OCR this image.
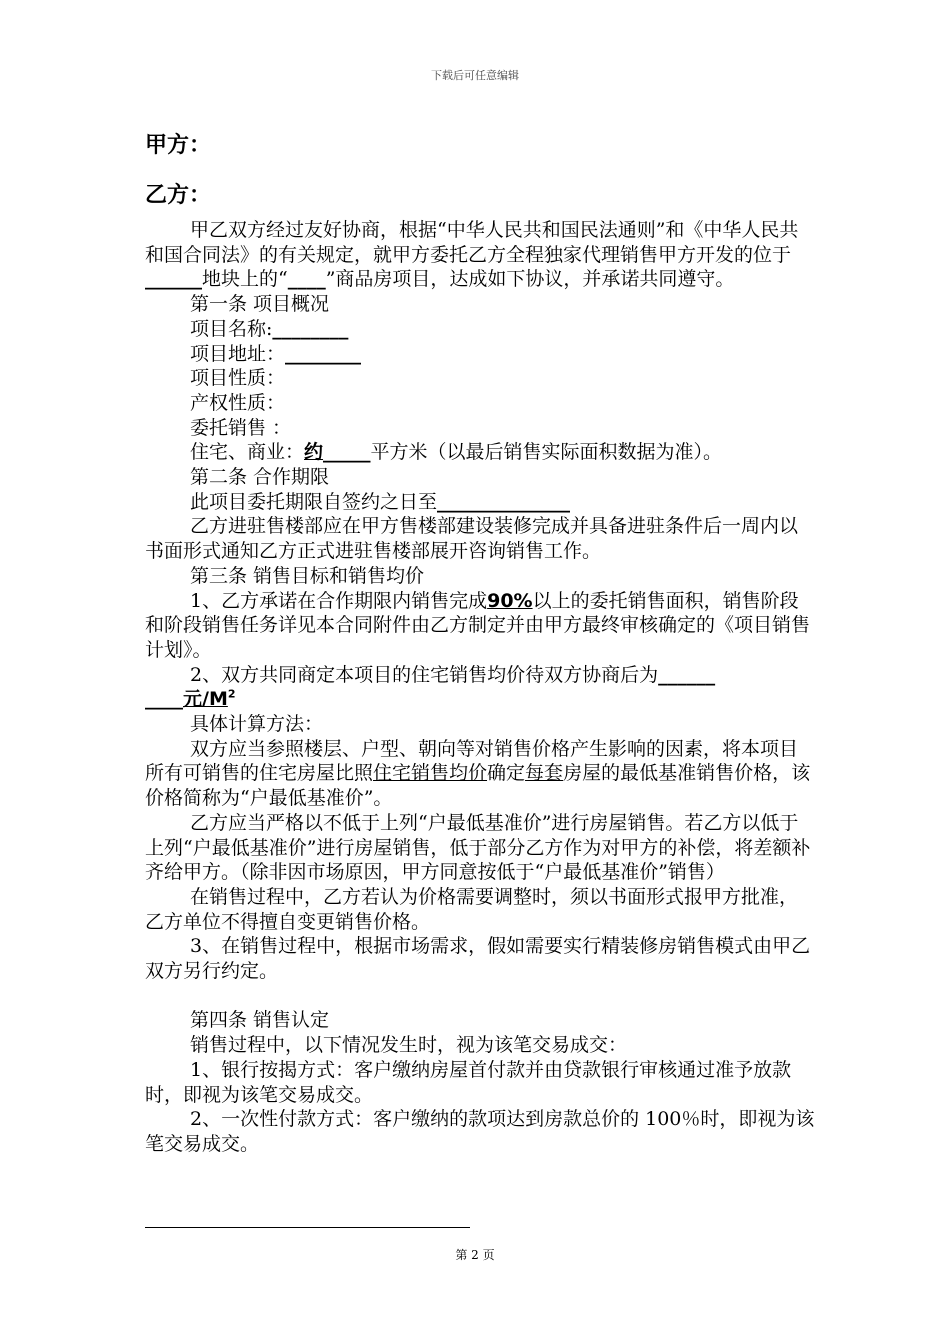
下载后可任意编辑
甲方：
乙方：

甲乙双方经过友好协商，根据“中华人民共和国民法通则”和《中华人民共和国合同法》的有关规定，就甲方委托乙方全程独家代理销售甲方开发的位于______地块上的“____”商品房项目，达成如下协议，并承诺共同遵守。

第一条 项目概况

项目名称:________

项目地址：________

项目性质：

产权性质：

委托销售 ：

住宅、商业：约_____平方米（以最后销售实际面积数据为准）。

第二条 合作期限

此项目委托期限自签约之日至______________

乙方进驻售楼部应在甲方售楼部建设装修完成并具备进驻条件后一周内以书面形式通知乙方正式进驻售楼部展开咨询销售工作。

第三条 销售目标和销售均价

1、乙方承诺在合作期限内销售完成90%以上的委托销售面积，销售阶段和阶段销售任务详见本合同附件由乙方制定并由甲方最终审核确定的《项目销售计划》。

2、双方共同商定本项目的住宅销售均价待双方协商后为______
____元$/M^2$

具体计算方法：

双方应当参照楼层、户型、朝向等对销售价格产生影响的因素，将本项目所有可销售的住宅房屋比照住宅销售均价确定每套房屋的最低基准销售价格，该价格简称为“户最低基准价”。

乙方应当严格以不低于上列“户最低基准价”进行房屋销售。若乙方以低于上列“户最低基准价”进行房屋销售，低于部分乙方作为对甲方的补偿，将差额补齐给甲方。（除非因市场原因，甲方同意按低于“户最低基准价”销售）

在销售过程中，乙方若认为价格需要调整时，须以书面形式报甲方批准，乙方单位不得擅自变更销售价格。

3、在销售过程中，根据市场需求，假如需要实行精装修房销售模式由甲乙双方另行约定。

第四条 销售认定

销售过程中，以下情况发生时，视为该笔交易成交：

1、银行按揭方式：客户缴纳房屋首付款并由贷款银行审核通过准予放款时，即视为该笔交易成交。

2、一次性付款方式：客户缴纳的款项达到房款总价的 100％时，即视为该笔交易成交。

第 2 页
